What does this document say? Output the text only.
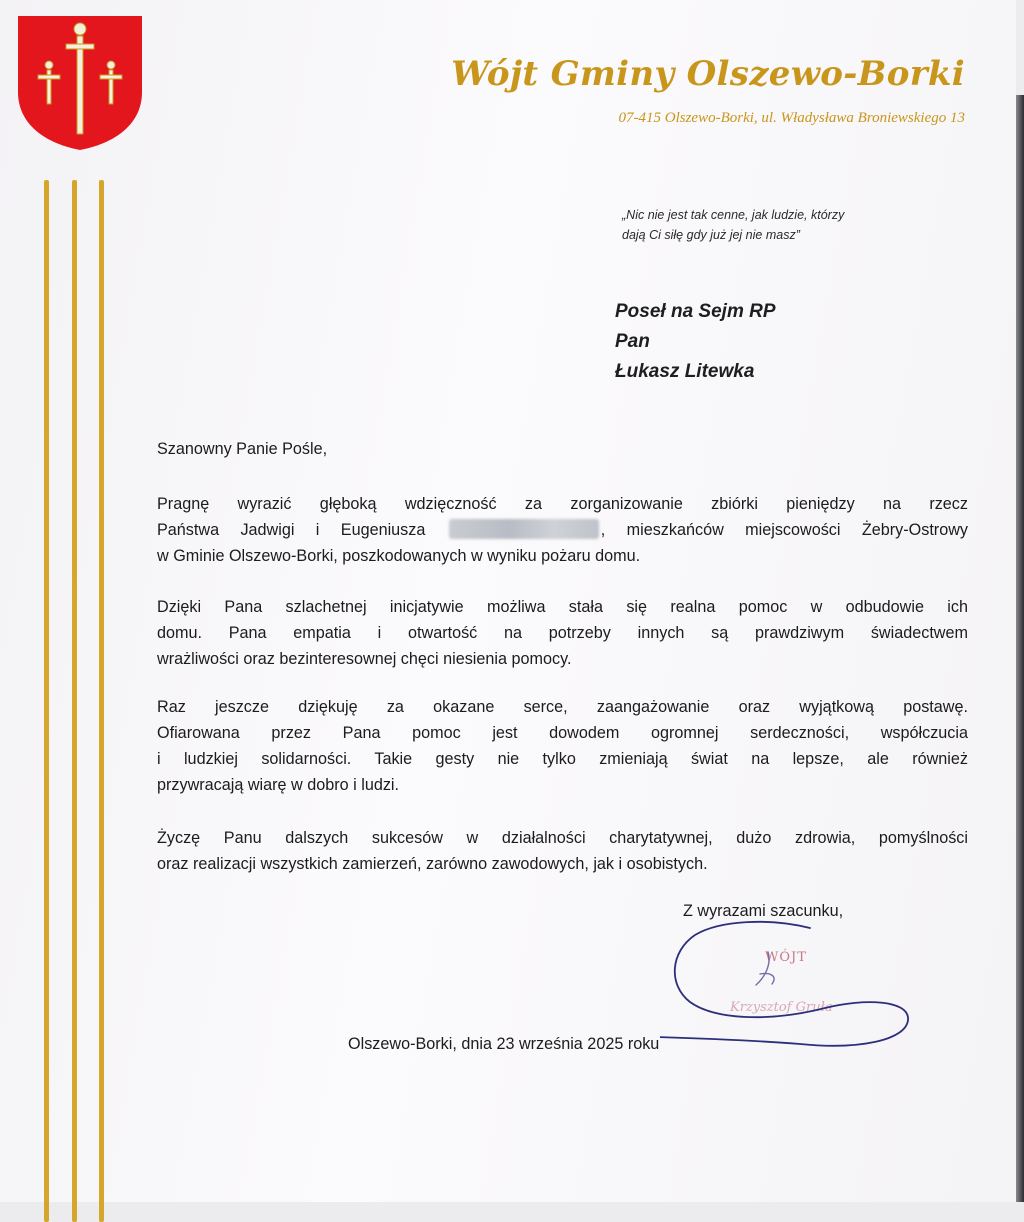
Wójt Gminy Olszewo-Borki
07-415 Olszewo-Borki, ul. Władysława Broniewskiego 13
„Nic nie jest tak cenne, jak ludzie, którzy
dają Ci siłę gdy już jej nie masz”
Poseł na Sejm RP
Pan
Łukasz Litewka
Szanowny Panie Pośle,
Pragnę wyrazić głęboką wdzięczność za zorganizowanie zbiórki pieniędzy na rzecz
Państwa Jadwigi i Eugeniusza	, mieszkańców miejscowości Żebry-Ostrowy
w Gminie Olszewo-Borki, poszkodowanych w wyniku pożaru domu.
Dzięki Pana szlachetnej inicjatywie możliwa stała się realna pomoc w odbudowie ich
domu. Pana empatia i otwartość na potrzeby innych są prawdziwym świadectwem
wrażliwości oraz bezinteresownej chęci niesienia pomocy.
Raz jeszcze dziękuję za okazane serce, zaangażowanie oraz wyjątkową postawę.
Ofiarowana przez Pana pomoc jest dowodem ogromnej serdeczności, współczucia
i ludzkiej solidarności. Takie gesty nie tylko zmieniają świat na lepsze, ale również
przywracają wiarę w dobro i ludzi.
Życzę Panu dalszych sukcesów w działalności charytatywnej, dużo zdrowia, pomyślności
oraz realizacji wszystkich zamierzeń, zarówno zawodowych, jak i osobistych.
Z wyrazami szacunku,
WÓJT
Krzysztof Gruła
Olszewo-Borki, dnia 23 września 2025 roku
